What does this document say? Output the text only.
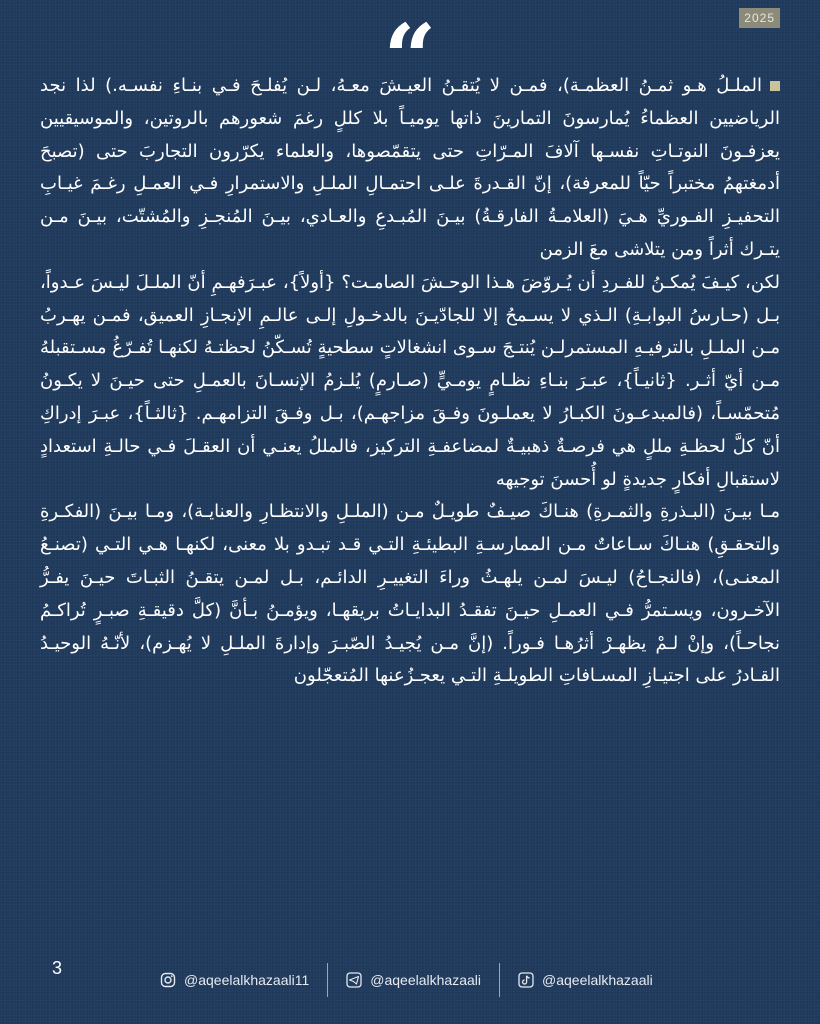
2025
“

الملـلُ هـو ثمـنُ العظمـة)، فمـن لا يُتقـنُ العيـشَ معـهُ، لـن يُفلـحَ فـي بنـاءِ نفسـه.) لذا نجد الرياضيين العظماءُ يُمارسونَ التمارينَ ذاتها يوميـاً بلا كللٍ رغمَ شعورهم بالروتين، والموسيقيين يعزفـونَ النوتـاتِ نفسـها آلافَ المـرّاتِ حتى يتقمّصوها، والعلماء يكرّرون التجاربَ حتى (تصبحَ أدمغتهمُ مختبراً حيّاً للمعرفة)، إنّ القـدرةَ علـى احتمـالِ الملـلِ والاستمرارِ فـي العمـلِ رغـمَ غيـابِ التحفيـزِ الفـوريِّ هـيَ (العلامـةُ الفارقـةُ) بيـنَ المُبـدعِ والعـادي، بيـنَ المُنجـزِ والمُشتّت، بيـنَ مـن يتـرك أثراً ومن يتلاشى معَ الزمن

لكن، كيـفَ يُمكـنُ للفـردِ أن يُـروّضَ هـذا الوحـشَ الصامـت؟ {أولاً}، عبـرَفهـمِ أنّ الملـلَ ليـسَ عـدواً، بـل (حـارسُ البوابـةِ) الـذي لا يسـمحُ إلا للجادّيـنَ بالدخـولِ إلـى عالـمِ الإنجـازِ العميق، فمـن يهـربُ مـن الملـلِ بالترفيـهِ المستمرلـن يُنتـجَ سـوى انشغالاتٍ سطحيةٍ تُسـكّنُ لحظتـهُ لكنهـا تُفـرّغُ مسـتقبلهُ مـن أيّ أثـر. {ثانيـاً}، عبـرَ بنـاءِ نظـامٍ يومـيٍّ (صـارمٍ) يُلـزمُ الإنسـانَ بالعمـلِ حتى حيـنَ لا يكـونُ مُتحمّسـاً، (فالمبدعـونَ الكبـارُ لا يعملـونَ وفـقَ مزاجهـم)، بـل وفـقَ التزامهـم. {ثالثـاً}، عبـرَ إدراكِ أنّ كلَّ لحظـةِ مللٍ هي فرصـةٌ ذهبيـةٌ لمضاعفـةِ التركيز، فالمللُ يعنـي أن العقـلَ فـي حالـةِ استعدادٍ لاستقبالِ أفكارٍ جديدةٍ لو أُحسنَ توجيهه

مـا بيـنَ (البـذرةِ والثمـرةِ) هنـاكَ صيـفٌ طويـلٌ مـن (الملـلِ والانتظـارِ والعنايـة)، ومـا بيـنَ (الفكـرةِ والتحقـقِ) هنـاكَ سـاعاتٌ مـن الممارسـةِ البطيئـةِ التـي قـد تبـدو بلا معنى، لكنهـا هـي التـي (تصنـعُ المعنـى)، (فالنجـاحُ) ليـسَ لمـن يلهـثُ وراءَ التغييـرِ الدائـم، بـل لمـن يتقـنُ الثبـاتَ حيـنَ يفـرُّ الآخـرون، ويسـتمرُّ فـي العمـلِ حيـنَ تفقـدُ البدايـاتُ بريقهـا، ويؤمـنُ بـأنَّ (كلَّ دقيقـةِ صبـرٍ تُراكـمُ نجاحـاً)، وإنْ لـمْ يظهـرْ أثرُهـا فـوراً. (إنَّ مـن يُجيـدُ الصّبـرَ وإدارةَ الملـلِ لا يُهـزم)، لأنّـهُ الوحيـدُ القـادرُ على اجتيـازِ المسـافاتِ الطويلـةِ التـي يعجـزُعنها المُتعجّلون

3
@aqeelalkhazaali11	@aqeelalkhazaali	@aqeelalkhazaali
